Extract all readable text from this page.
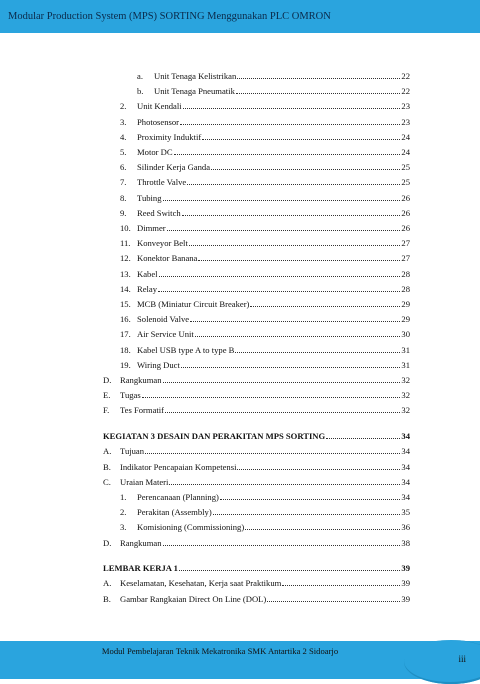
Modular Production System (MPS) SORTING Menggunakan PLC OMRON
a.	Unit Tenaga Kelistrikan	22
b.	Unit Tenaga Pneumatik	22
2.	Unit Kendali	23
3.	Photosensor	23
4.	Proximity Induktif	24
5.	Motor DC	24
6.	Silinder Kerja Ganda	25
7.	Throttle Valve	25
8.	Tubing	26
9.	Reed Switch	26
10. Dimmer	26
11. Konveyor Belt	27
12. Konektor Banana	27
13. Kabel	28
14. Relay	28
15. MCB (Miniatur Circuit Breaker)	29
16. Solenoid Valve	29
17. Air Service Unit	30
18. Kabel USB type A to type B	31
19. Wiring Duct	31
D.	Rangkuman	32
E.	Tugas	32
F.	Tes Formatif	32
KEGIATAN 3 DESAIN DAN PERAKITAN MPS SORTING	34
A.	Tujuan	34
B.	Indikator Pencapaian Kompetensi	34
C.	Uraian Materi	34
1.	Perencanaan (Planning)	34
2.	Perakitan (Assembly)	35
3.	Komisioning (Commissioning)	36
D.	Rangkuman	38
LEMBAR KERJA 1	39
A.	Keselamatan, Kesehatan, Kerja saat Praktikum	39
B.	Gambar Rangkaian Direct On Line (DOL)	39
Modul Pembelajaran Teknik Mekatronika SMK Antartika 2 Sidoarjo
iii
